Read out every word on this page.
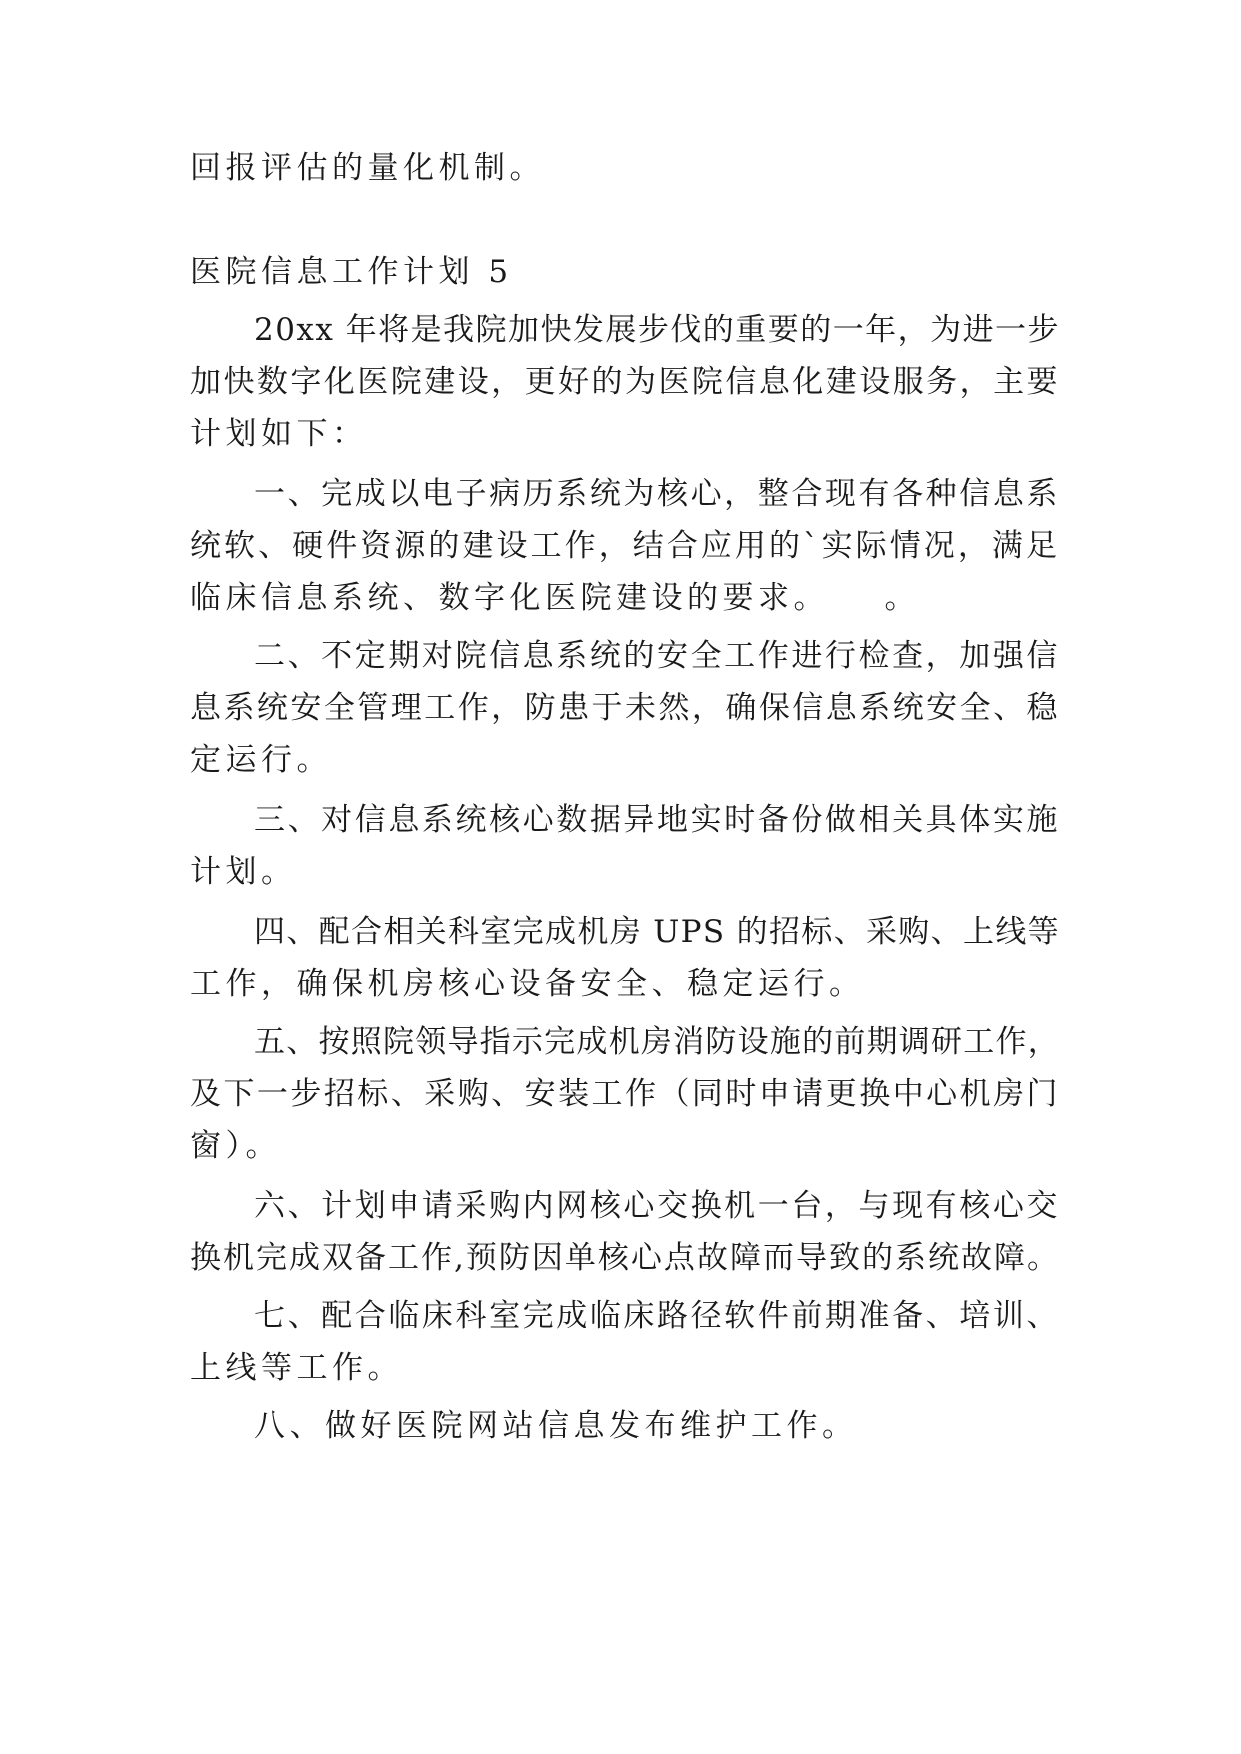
回报评估的量化机制。
医院信息工作计划 5
20xx 年将是我院加快发展步伐的重要的一年，为进一步
加快数字化医院建设，更好的为医院信息化建设服务，主要
计划如下：
一、完成以电子病历系统为核心，整合现有各种信息系
统软、硬件资源的建设工作，结合应用的`实际情况，满足
临床信息系统、数字化医院建设的要求。　　。
二、不定期对院信息系统的安全工作进行检查，加强信
息系统安全管理工作，防患于未然，确保信息系统安全、稳
定运行。
三、对信息系统核心数据异地实时备份做相关具体实施
计划。
四、配合相关科室完成机房 UPS 的招标、采购、上线等
工作，确保机房核心设备安全、稳定运行。
五、按照院领导指示完成机房消防设施的前期调研工作，
及下一步招标、采购、安装工作（同时申请更换中心机房门
窗）。
六、计划申请采购内网核心交换机一台，与现有核心交
换机完成双备工作,预防因单核心点故障而导致的系统故障。
七、配合临床科室完成临床路径软件前期准备、培训、
上线等工作。
八、做好医院网站信息发布维护工作。
